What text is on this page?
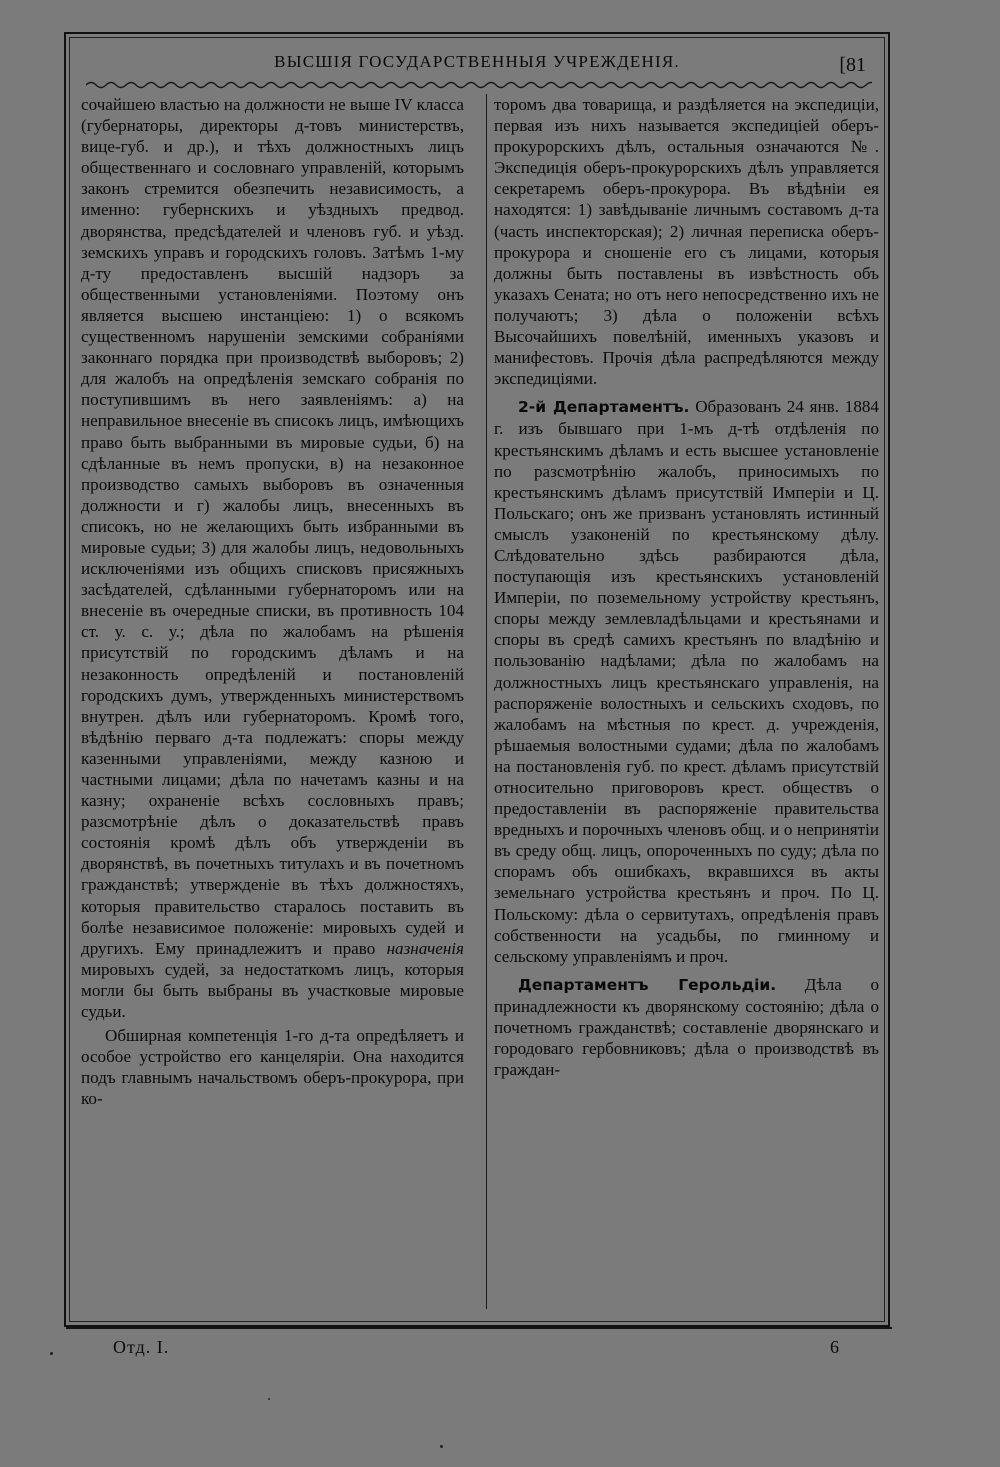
ВЫСШІЯ ГОСУДАРСТВЕННЫЯ УЧРЕЖДЕНІЯ.	[81

сочайшею властью на должности не выше IV класса (губернаторы, директоры д-товъ министерствъ, вице-губ. и др.), и тѣхъ должностныхъ лицъ общественнаго и сословнаго управленій, которымъ законъ стремится обезпечить независимость, а именно: губернскихъ и уѣздныхъ предвод. дворянства, предсѣдателей и членовъ губ. и уѣзд. земскихъ управъ и городскихъ головъ. Затѣмъ 1-му д-ту предоставленъ высшій надзоръ за общественными установленіями. Поэтому онъ является высшею инстанціею: 1) о всякомъ существенномъ нарушеніи земскими собраніями законнаго порядка при производствѣ выборовъ; 2) для жалобъ на опредѣленія земскаго собранія по поступившимъ въ него заявленіямъ: а) на неправильное внесеніе въ списокъ лицъ, имѣющихъ право быть выбранными въ мировые судьи, б) на сдѣланные въ немъ пропуски, в) на незаконное производство самыхъ выборовъ въ означенныя должности и г) жалобы лицъ, внесенныхъ въ списокъ, но не желающихъ быть избранными въ мировые судьи; 3) для жалобы лицъ, недовольныхъ исключеніями изъ общихъ списковъ присяжныхъ засѣдателей, сдѣланными губернаторомъ или на внесеніе въ очередные списки, въ противность 104 ст. у. с. у.; дѣла по жалобамъ на рѣшенія присутствій по городскимъ дѣламъ и на незаконность опредѣленій и постановленій городскихъ думъ, утвержденныхъ министерствомъ внутрен. дѣлъ или губернаторомъ. Кромѣ того, вѣдѣнію перваго д-та подлежатъ: споры между казенными управленіями, между казною и частными лицами; дѣла по начетамъ казны и на казну; охраненіе всѣхъ сословныхъ правъ; разсмотрѣніе дѣлъ о доказательствѣ правъ состоянія кромѣ дѣлъ объ утвержденіи въ дворянствѣ, въ почетныхъ титулахъ и въ почетномъ гражданствѣ; утвержденіе въ тѣхъ должностяхъ, которыя правительство старалось поставить въ болѣе независимое положеніе: мировыхъ судей и другихъ. Ему принадлежитъ и право назначенія мировыхъ судей, за недостаткомъ лицъ, которыя могли бы быть выбраны въ участковые мировые судьи.

Обширная компетенція 1-го д-та опредѣляетъ и особое устройство его канцеляріи. Она находится подъ главнымъ начальствомъ оберъ-прокурора, при ко-

торомъ два товарища, и раздѣляется на экспедиціи, первая изъ нихъ называется экспедиціей оберъ-прокурорскихъ дѣлъ, остальныя означаются №. Экспедиція оберъ-прокурорскихъ дѣлъ управляется секретаремъ оберъ-прокурора. Въ вѣдѣніи ея находятся: 1) завѣдываніе личнымъ составомъ д-та (часть инспекторская); 2) личная переписка оберъ-прокурора и сношеніе его съ лицами, которыя должны быть поставлены въ извѣстность объ указахъ Сената; но отъ него непосредственно ихъ не получаютъ; 3) дѣла о положеніи всѣхъ Высочайшихъ повелѣній, именныхъ указовъ и манифестовъ. Прочія дѣла распредѣляются между экспедиціями.

2-й Департаментъ. Образованъ 24 янв. 1884 г. изъ бывшаго при 1-мъ д-тѣ отдѣленія по крестьянскимъ дѣламъ и есть высшее установленіе по разсмотрѣнію жалобъ, приносимыхъ по крестьянскимъ дѣламъ присутствій Имперіи и Ц. Польскаго; онъ же призванъ установлять истинный смыслъ узаконеній по крестьянскому дѣлу. Слѣдовательно здѣсь разбираются дѣла, поступающія изъ крестьянскихъ установленій Имперіи, по поземельному устройству крестьянъ, споры между землевладѣльцами и крестьянами и споры въ средѣ самихъ крестьянъ по владѣнію и пользованію надѣлами; дѣла по жалобамъ на должностныхъ лицъ крестьянскаго управленія, на распоряженіе волостныхъ и сельскихъ сходовъ, по жалобамъ на мѣстныя по крест. д. учрежденія, рѣшаемыя волостными судами; дѣла по жалобамъ на постановленія губ. по крест. дѣламъ присутствій относительно приговоровъ крест. обществъ о предоставленіи въ распоряженіе правительства вредныхъ и порочныхъ членовъ общ. и о непринятіи въ среду общ. лицъ, опороченныхъ по суду; дѣла по спорамъ объ ошибкахъ, вкравшихся въ акты земельнаго устройства крестьянъ и проч. По Ц. Польскому: дѣла о сервитутахъ, опредѣленія правъ собственности на усадьбы, по гминному и сельскому управленіямъ и проч.

Департаментъ Герольдіи. Дѣла о принадлежности къ дворянскому состоянію; дѣла о почетномъ гражданствѣ; составленіе дворянскаго и городоваго гербовниковъ; дѣла о производствѣ въ граждан-

Отд. I.	6
